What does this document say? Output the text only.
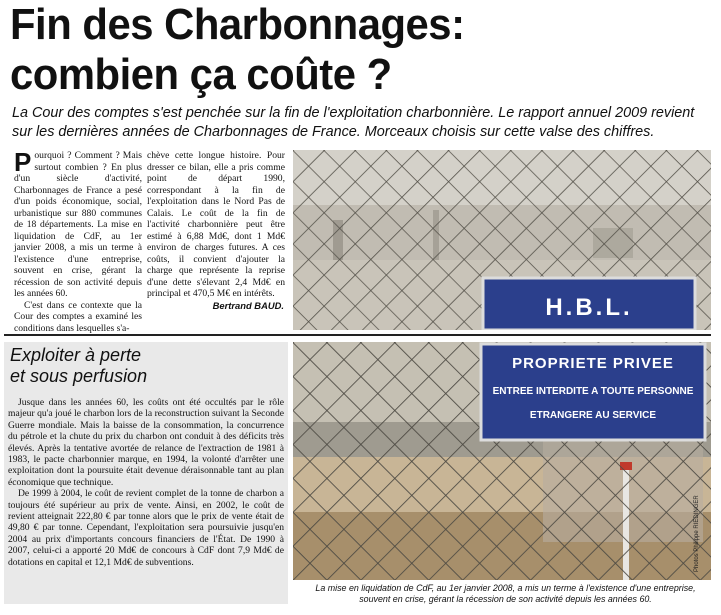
Fin des Charbonnages:
combien ça coûte ?
La Cour des comptes s'est penchée sur la fin de l'exploitation charbonnière. Le rapport annuel 2009 revient sur les dernières années de Charbonnages de France. Morceaux choisis sur cette valse des chiffres.

Pourquoi ? Comment ? Mais surtout combien ? En plus d'un siècle d'activité, Charbonnages de France a pesé d'un poids économique, social, urbanistique sur 880 communes de 18 départements. La mise en liquidation de CdF, au 1er janvier 2008, a mis un terme à l'existence d'une entreprise, souvent en crise, gérant la récession de son activité depuis les années 60.

C'est dans ce contexte que la Cour des comptes a examiné les conditions dans lesquelles s'a-

chève cette longue histoire. Pour dresser ce bilan, elle a pris comme point de départ 1990, correspondant à la fin de l'exploitation dans le Nord Pas de Calais. Le coût de la fin de l'activité charbonnière peut être estimé à 6,88 Md€, dont 1 Md€ environ de charges futures. A ces coûts, il convient d'ajouter la charge que représente la reprise d'une dette s'élevant 2,4 Md€ en principal et 470,5 M€ en intérêts.

Bertrand BAUD.	H.B.L.
Exploiter à perte
et sous perfusion

Jusque dans les années 60, les coûts ont été occultés par le rôle majeur qu'a joué le charbon lors de la reconstruction suivant la Seconde Guerre mondiale. Mais la baisse de la consommation, la concurrence du pétrole et la chute du prix du charbon ont conduit à des déficits très élevés. Après la tentative avortée de relance de l'extraction de 1981 à 1983, le pacte charbonnier marque, en 1994, la volonté d'arrêter une exploitation dont la poursuite était devenue déraisonnable tant au plan économique que technique.

De 1999 à 2004, le coût de revient complet de la tonne de charbon a toujours été supérieur au prix de vente. Ainsi, en 2002, le coût de revient atteignait 222,80 € par tonne alors que le prix de vente était de 49,80 € par tonne. Cependant, l'exploitation sera poursuivie jusqu'en 2004 au prix d'importants concours financiers de l'État. De 1990 à 2007, celui-ci a apporté 20 Md€ de concours à CdF dont 7,9 Md€ de dotations en capital et 12,1 Md€ de subventions.

PROPRIETE PRIVEE
ENTREE INTERDITE A TOUTE PERSONNE
ETRANGERE AU SERVICE
Photos Philippe RIEDINGER
La mise en liquidation de CdF, au 1er janvier 2008, a mis un terme à l'existence d'une entreprise, souvent en crise, gérant la récession de son activité depuis les années 60.
